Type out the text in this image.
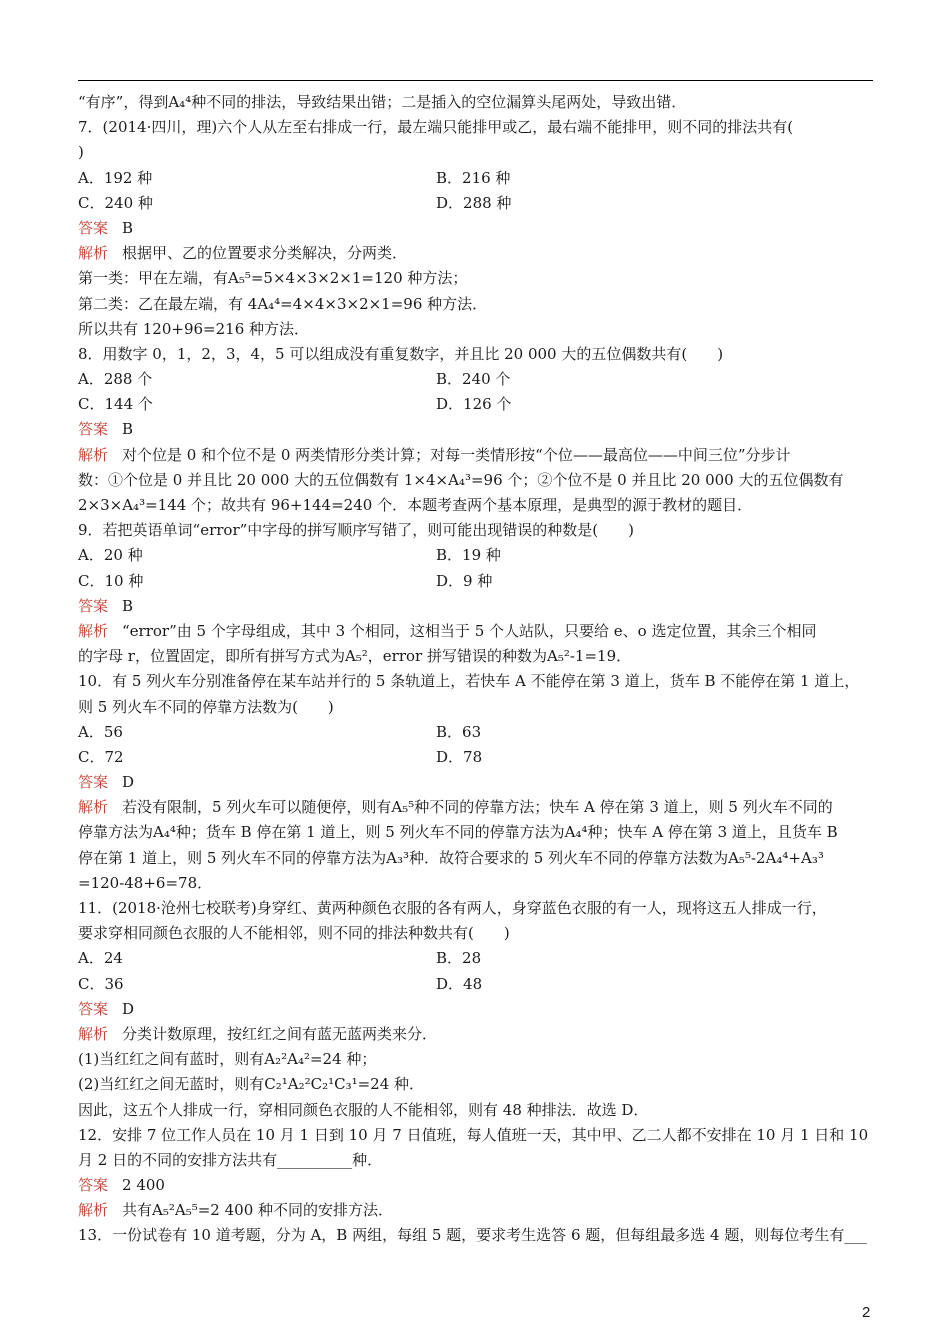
“有序”，得到A₄⁴种不同的排法，导致结果出错；二是插入的空位漏算头尾两处，导致出错．
7．(2014·四川，理)六个人从左至右排成一行，最左端只能排甲或乙，最右端不能排甲，则不同的排法共有(
)
A．192 种	B．216 种
C．240 种	D．288 种
答案 B
解析 根据甲、乙的位置要求分类解决，分两类．
第一类：甲在左端，有A₅⁵=5×4×3×2×1=120 种方法；
第二类：乙在最左端，有 4A₄⁴=4×4×3×2×1=96 种方法．
所以共有 120+96=216 种方法．
8．用数字 0，1，2，3，4，5 可以组成没有重复数字，并且比 20 000 大的五位偶数共有(　　)
A．288 个	B．240 个
C．144 个	D．126 个
答案 B
解析 对个位是 0 和个位不是 0 两类情形分类计算；对每一类情形按“个位——最高位——中间三位”分步计
数：①个位是 0 并且比 20 000 大的五位偶数有 1×4×A₄³=96 个；②个位不是 0 并且比 20 000 大的五位偶数有
2×3×A₄³=144 个；故共有 96+144=240 个．本题考查两个基本原理，是典型的源于教材的题目．
9．若把英语单词“error”中字母的拼写顺序写错了，则可能出现错误的种数是(　　)
A．20 种	B．19 种
C．10 种	D．9 种
答案 B
解析 “error”由 5 个字母组成，其中 3 个相同，这相当于 5 个人站队，只要给 e、o 选定位置，其余三个相同
的字母 r，位置固定，即所有拼写方式为A₅²，error 拼写错误的种数为A₅²-1=19．
10．有 5 列火车分别准备停在某车站并行的 5 条轨道上，若快车 A 不能停在第 3 道上，货车 B 不能停在第 1 道上，
则 5 列火车不同的停靠方法数为(　　)
A．56	B．63
C．72	D．78
答案 D
解析 若没有限制，5 列火车可以随便停，则有A₅⁵种不同的停靠方法；快车 A 停在第 3 道上，则 5 列火车不同的
停靠方法为A₄⁴种；货车 B 停在第 1 道上，则 5 列火车不同的停靠方法为A₄⁴种；快车 A 停在第 3 道上，且货车 B
停在第 1 道上，则 5 列火车不同的停靠方法为A₃³种．故符合要求的 5 列火车不同的停靠方法数为A₅⁵-2A₄⁴+A₃³
=120-48+6=78．
11．(2018·沧州七校联考)身穿红、黄两种颜色衣服的各有两人，身穿蓝色衣服的有一人，现将这五人排成一行，
要求穿相同颜色衣服的人不能相邻，则不同的排法种数共有(　　)
A．24	B．28
C．36	D．48
答案 D
解析 分类计数原理，按红红之间有蓝无蓝两类来分．
(1)当红红之间有蓝时，则有A₂²A₄²=24 种；
(2)当红红之间无蓝时，则有C₂¹A₂²C₂¹C₃¹=24 种．
因此，这五个人排成一行，穿相同颜色衣服的人不能相邻，则有 48 种排法．故选 D．
12．安排 7 位工作人员在 10 月 1 日到 10 月 7 日值班，每人值班一天，其中甲、乙二人都不安排在 10 月 1 日和 10
月 2 日的不同的安排方法共有__________种．
答案 2 400
解析 共有A₅²A₅⁵=2 400 种不同的安排方法．
13．一份试卷有 10 道考题，分为 A，B 两组，每组 5 题，要求考生选答 6 题，但每组最多选 4 题，则每位考生有___
2
